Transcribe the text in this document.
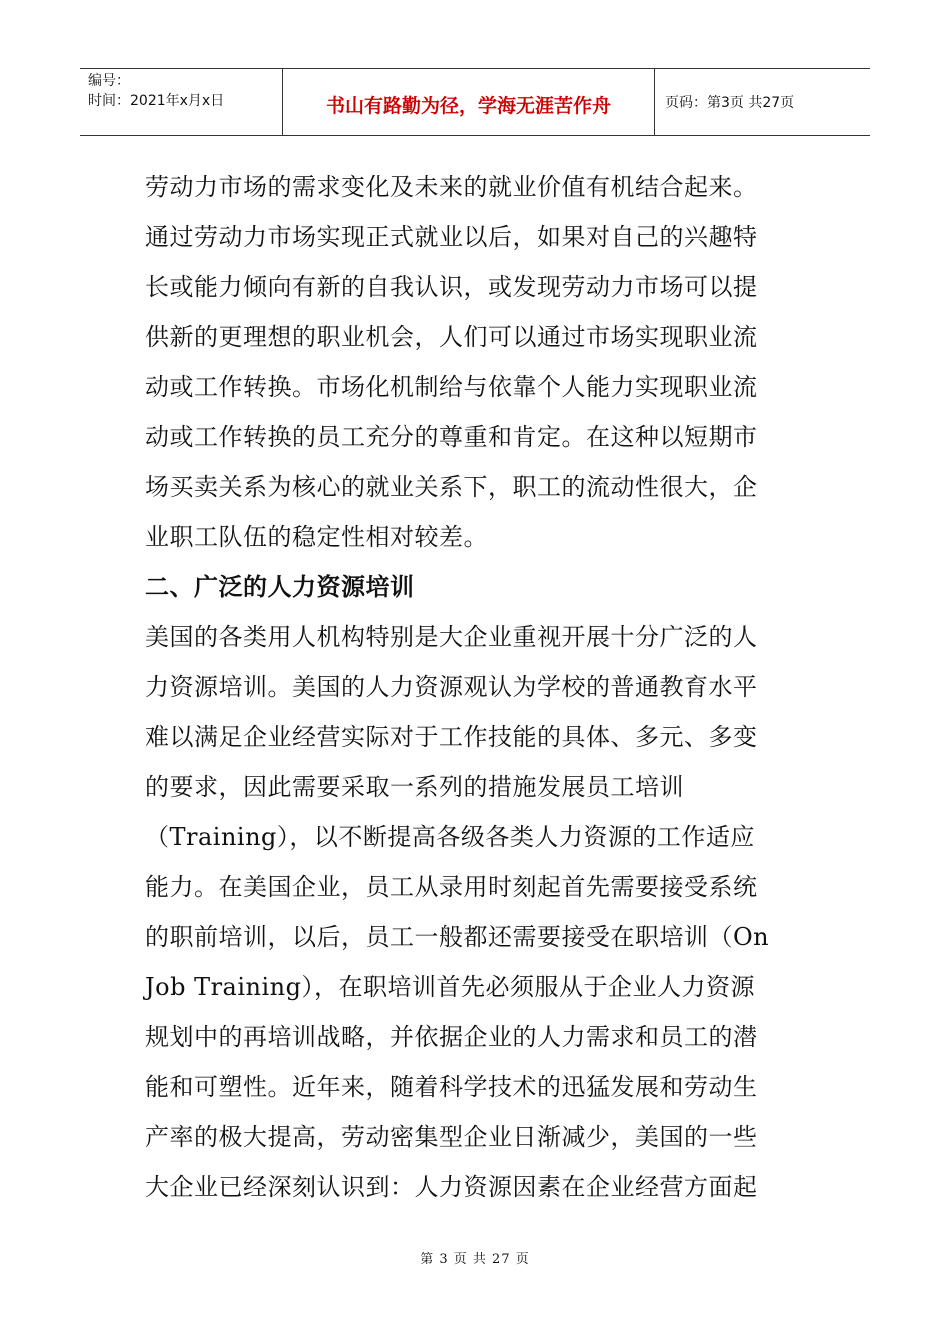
编号：
时间：2021年x月x日	书山有路勤为径，学海无涯苦作舟	页码：第3页 共27页
劳动力市场的需求变化及未来的就业价值有机结合起来。
通过劳动力市场实现正式就业以后，如果对自己的兴趣特
长或能力倾向有新的自我认识，或发现劳动力市场可以提
供新的更理想的职业机会，人们可以通过市场实现职业流
动或工作转换。市场化机制给与依靠个人能力实现职业流
动或工作转换的员工充分的尊重和肯定。在这种以短期市
场买卖关系为核心的就业关系下，职工的流动性很大，企
业职工队伍的稳定性相对较差。
二、广泛的人力资源培训
美国的各类用人机构特别是大企业重视开展十分广泛的人
力资源培训。美国的人力资源观认为学校的普通教育水平
难以满足企业经营实际对于工作技能的具体、多元、多变
的要求，因此需要采取一系列的措施发展员工培训
（Training），以不断提高各级各类人力资源的工作适应
能力。在美国企业，员工从录用时刻起首先需要接受系统
的职前培训，以后，员工一般都还需要接受在职培训（On
Job Training），在职培训首先必须服从于企业人力资源
规划中的再培训战略，并依据企业的人力需求和员工的潜
能和可塑性。近年来，随着科学技术的迅猛发展和劳动生
产率的极大提高，劳动密集型企业日渐减少，美国的一些
大企业已经深刻认识到：人力资源因素在企业经营方面起
第 3 页 共 27 页
